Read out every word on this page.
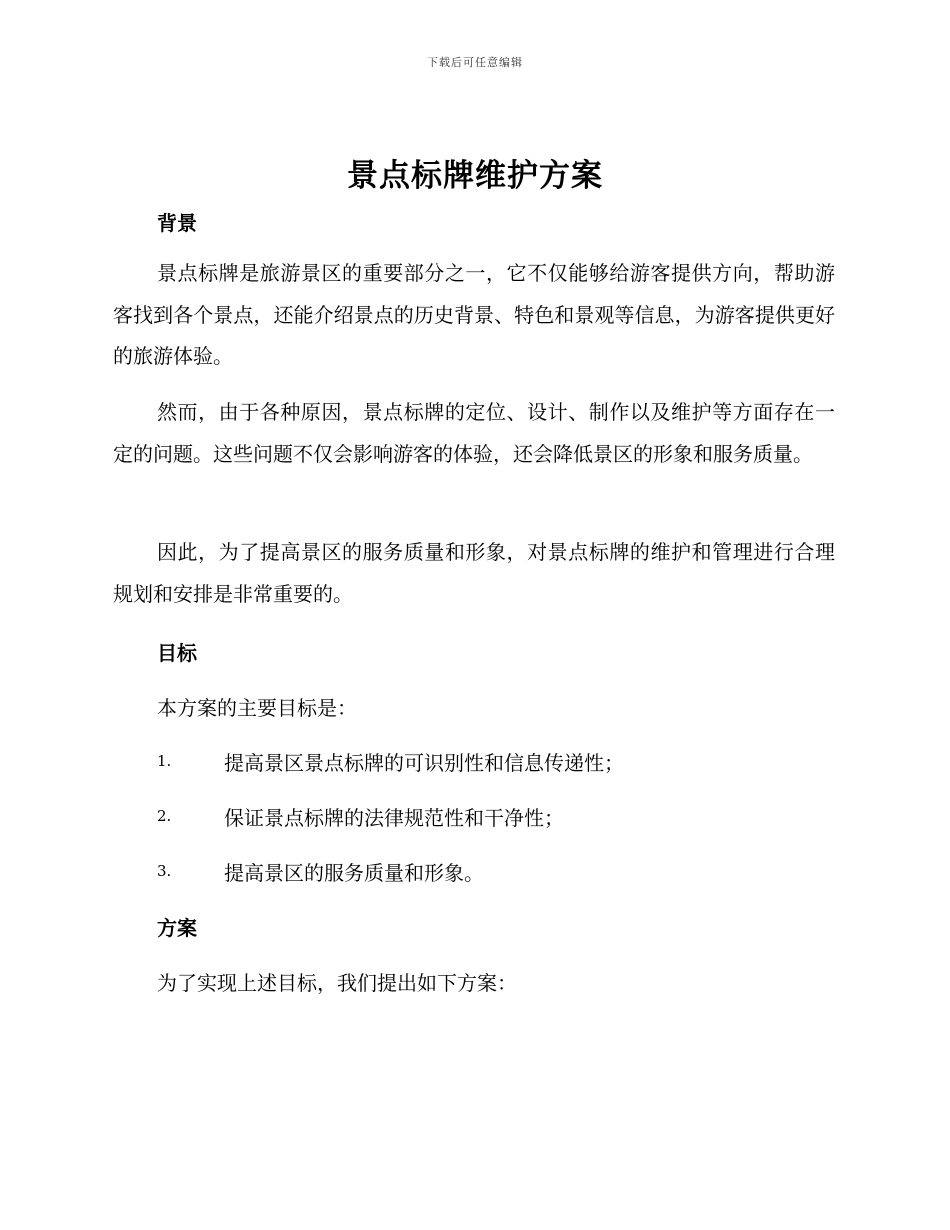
下载后可任意编辑
景点标牌维护方案
背景
景点标牌是旅游景区的重要部分之一，它不仅能够给游客提供方向，帮助游客找到各个景点，还能介绍景点的历史背景、特色和景观等信息，为游客提供更好的旅游体验。
然而，由于各种原因，景点标牌的定位、设计、制作以及维护等方面存在一定的问题。这些问题不仅会影响游客的体验，还会降低景区的形象和服务质量。
因此，为了提高景区的服务质量和形象，对景点标牌的维护和管理进行合理规划和安排是非常重要的。
目标
本方案的主要目标是：
1.	提高景区景点标牌的可识别性和信息传递性；
2.	保证景点标牌的法律规范性和干净性；
3.	提高景区的服务质量和形象。
方案
为了实现上述目标，我们提出如下方案：
